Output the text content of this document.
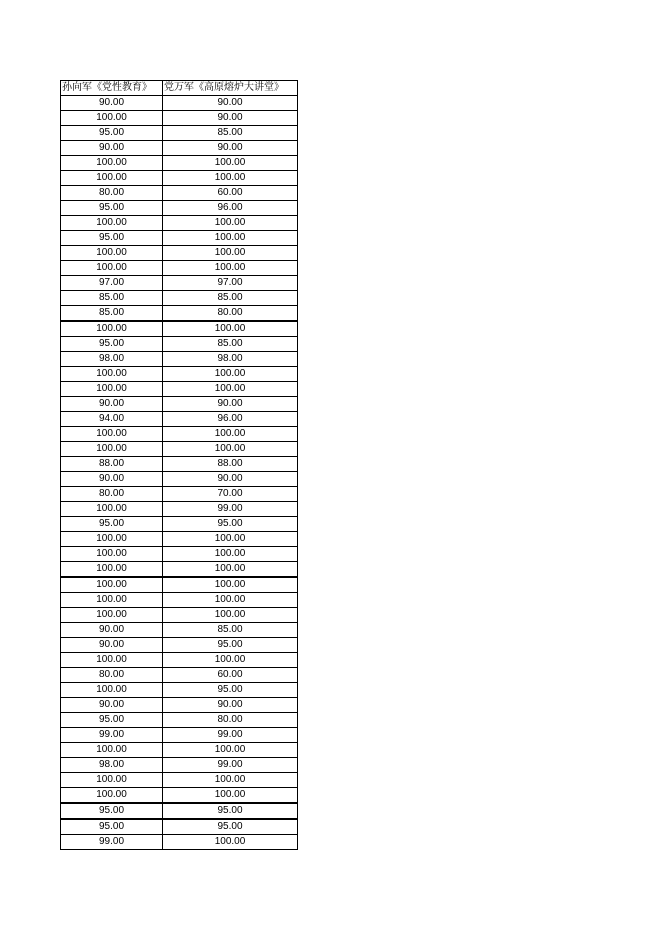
孙向军《党性教育》	党万军《高原熔炉大讲堂》
90.00	90.00
100.00	90.00
95.00	85.00
90.00	90.00
100.00	100.00
100.00	100.00
80.00	60.00
95.00	96.00
100.00	100.00
95.00	100.00
100.00	100.00
100.00	100.00
97.00	97.00
85.00	85.00
85.00	80.00
100.00	100.00
95.00	85.00
98.00	98.00
100.00	100.00
100.00	100.00
90.00	90.00
94.00	96.00
100.00	100.00
100.00	100.00
88.00	88.00
90.00	90.00
80.00	70.00
100.00	99.00
95.00	95.00
100.00	100.00
100.00	100.00
100.00	100.00
100.00	100.00
100.00	100.00
100.00	100.00
90.00	85.00
90.00	95.00
100.00	100.00
80.00	60.00
100.00	95.00
90.00	90.00
95.00	80.00
99.00	99.00
100.00	100.00
98.00	99.00
100.00	100.00
100.00	100.00
95.00	95.00
95.00	95.00
99.00	100.00
